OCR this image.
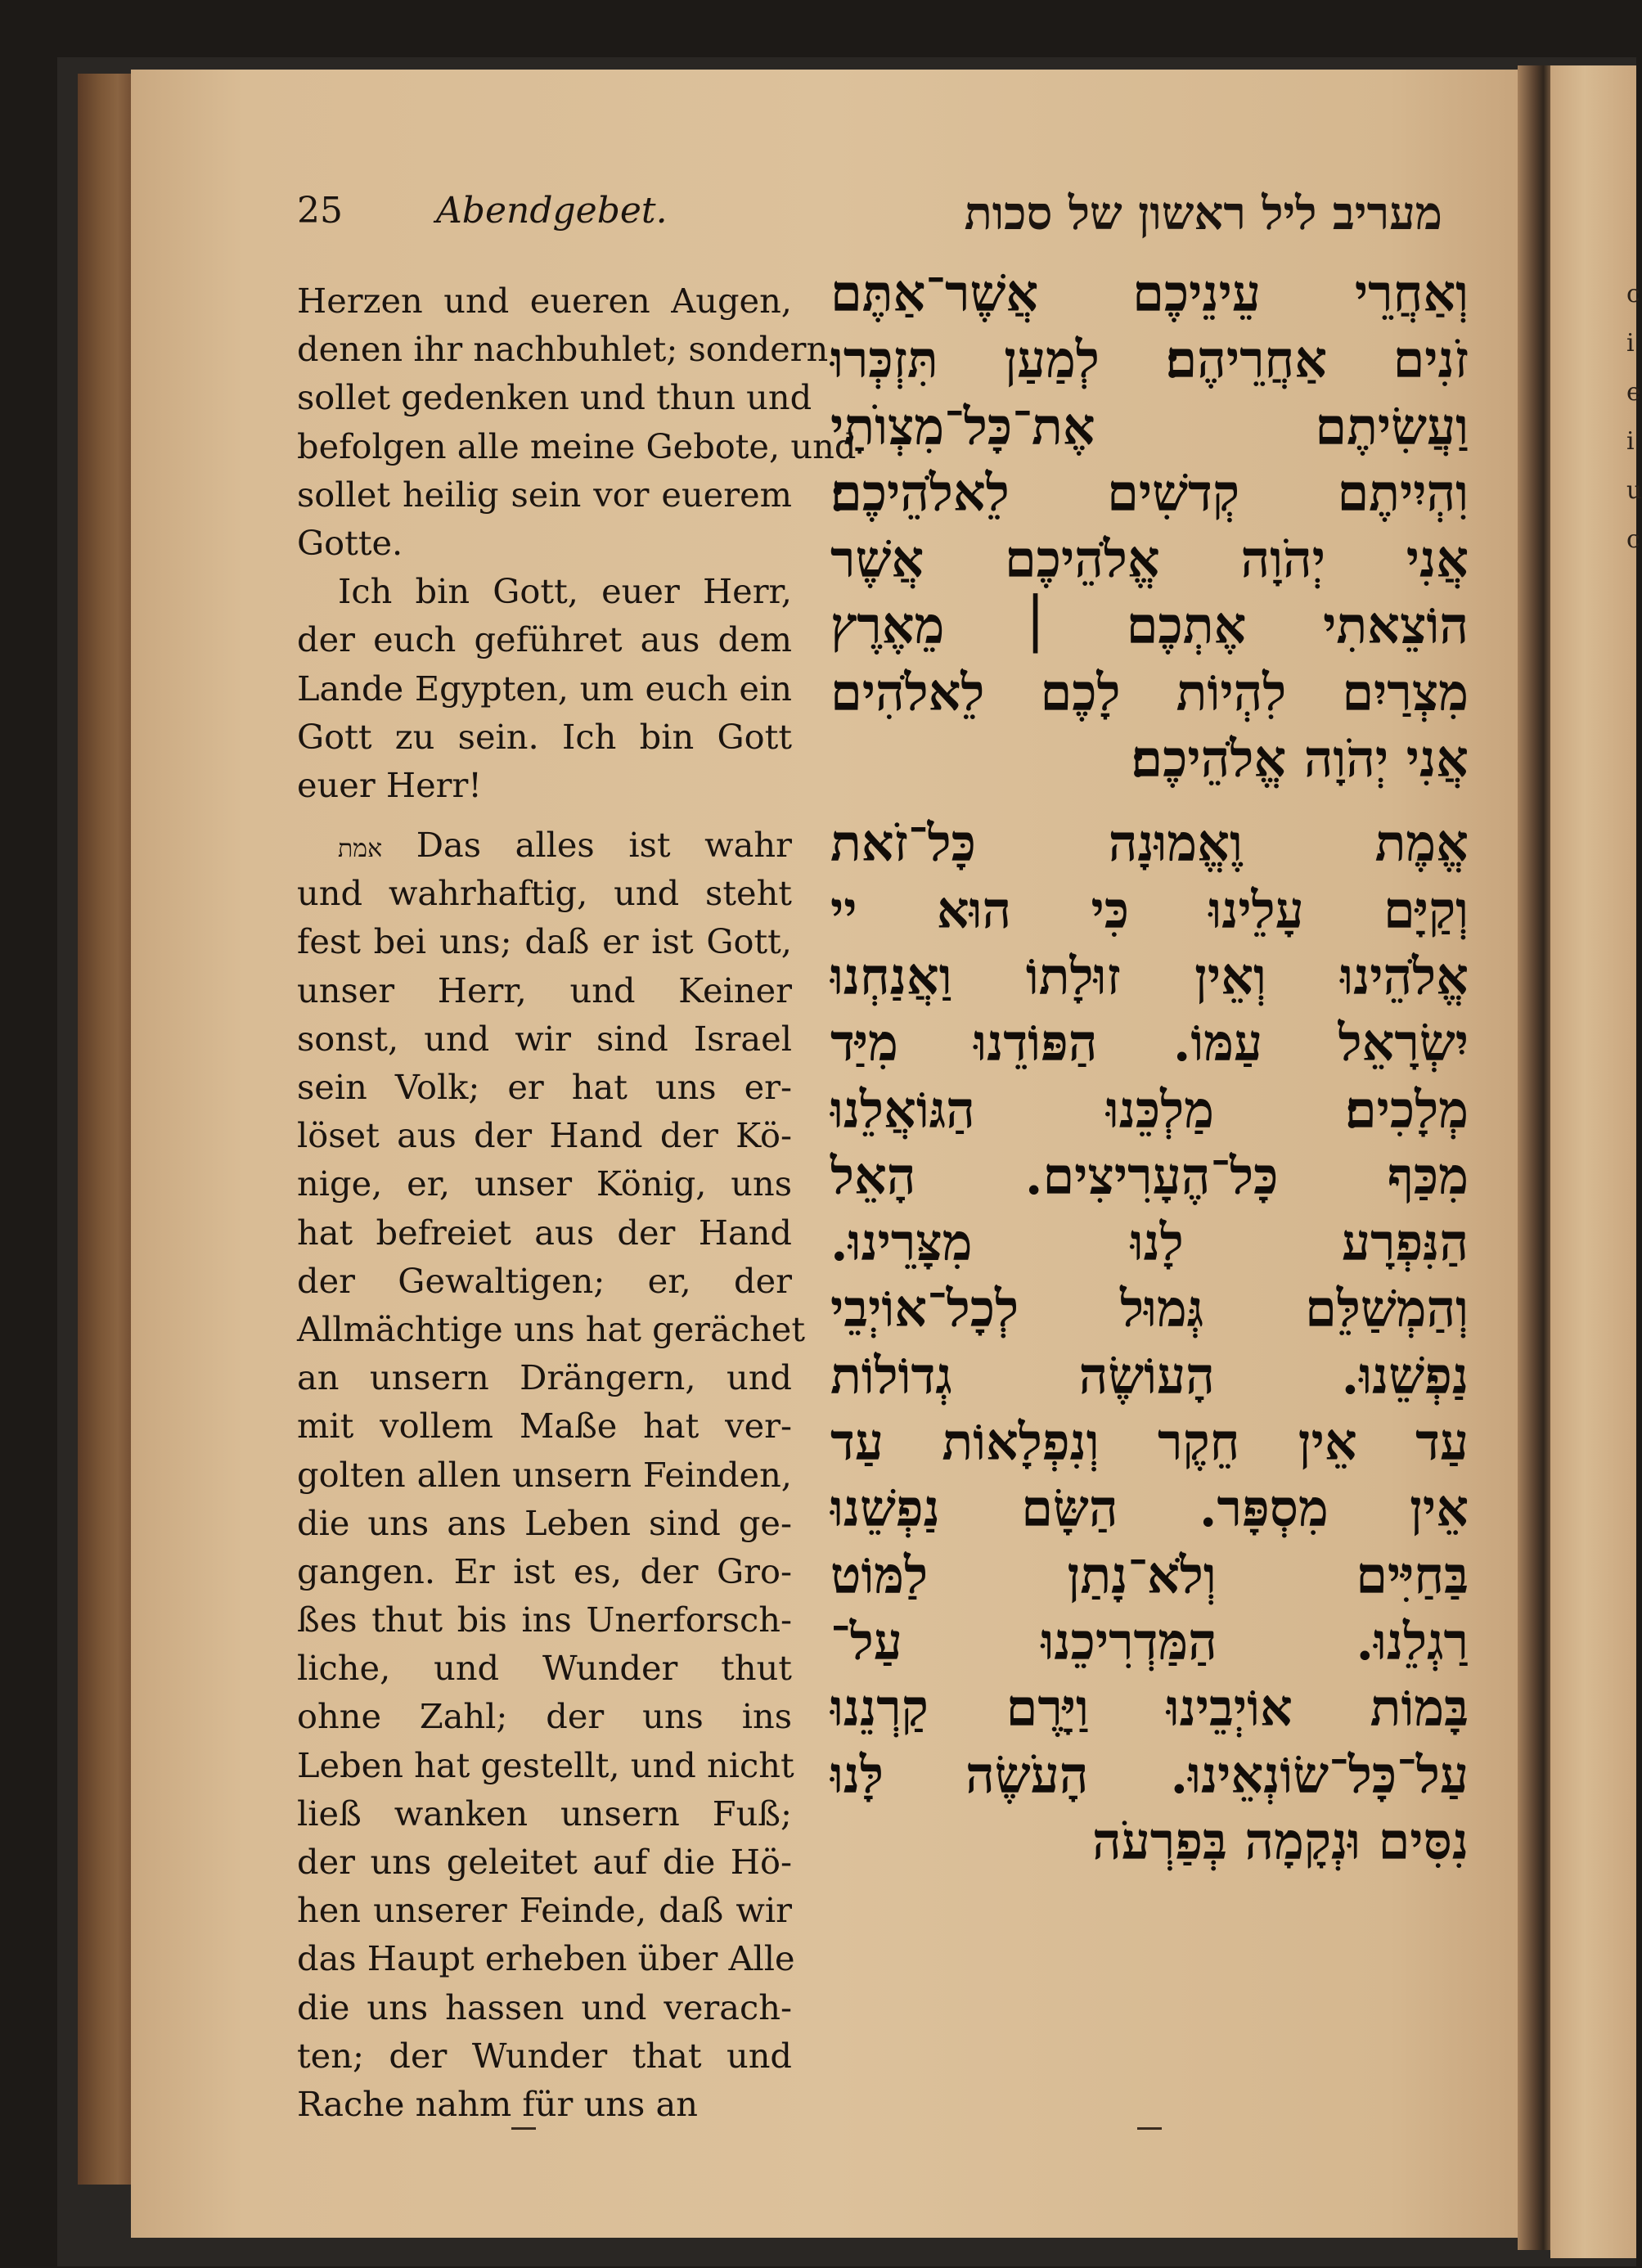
c
i
e
i
u
c
25	Abendgebet.	מעריב ליל ראשון של סכות
Herzen und eueren Augen,
denen ihr nachbuhlet; sondern
sollet gedenken und thun und
befolgen alle meine Gebote, und
sollet heilig sein vor euerem
Gotte.
Ich bin Gott, euer Herr,
der euch geführet aus dem
Lande Egypten, um euch ein
Gott zu sein. Ich bin Gott
euer Herr!
אמת Das alles ist wahr
und wahrhaftig, und steht
fest bei uns; daß er ist Gott,
unser Herr, und Keiner
sonst, und wir sind Israel
sein Volk; er hat uns er-
löset aus der Hand der Kö-
nige, er, unser König, uns
hat befreiet aus der Hand
der Gewaltigen; er, der
Allmächtige uns hat gerächet
an unsern Drängern, und
mit vollem Maße hat ver-
golten allen unsern Feinden,
die uns ans Leben sind ge-
gangen. Er ist es, der Gro-
ßes thut bis ins Unerforsch-
liche, und Wunder thut
ohne Zahl; der uns ins
Leben hat gestellt, und nicht
ließ wanken unsern Fuß;
der uns geleitet auf die Hö-
hen unserer Feinde, daß wir
das Haupt erheben über Alle
die uns hassen und verach-
ten; der Wunder that und
Rache nahm für uns an
וְאַחֲרֵי עֵינֵיכֶם אֲשֶׁר־אַתֶּם
זֹנִים אַחֲרֵיהֶם׃ לְמַעַן תִּזְכְּרוּ
וַעֲשִׂיתֶם אֶת־כָּל־מִצְוֺתָי
וִהְיִיתֶם קְדשִׁים לֵאלֹהֵיכֶם׃
אֲנִי יְהֹוָה אֱלֹהֵיכֶם אֲשֶׁר
הוֹצֵאתִי אֶתְכֶם ׀ מֵאֶרֶץ
מִצְרַיִם לִהְיוֹת לָכֶם לֵאלֹהִים
אֲנִי יְהֹוָה אֱלֹהֵיכֶם׃
אֱמֶת וֶאֱמוּנָה כָּל־זֹאת
וְקַיָּם עָלֵינוּ כִּי הוּא יי
אֱלֹהֵינוּ וְאֵין זוּלָתוֹ וַאֲנַחְנוּ
יִשְׂרָאֵל עַמּוֹ. הַפּוֹדֵנוּ מִיַּד
מְלָכִים׃ מַלְכֵּנוּ הַגּוֹאֲלֵנוּ
מִכַּף כָּל־הֶעָרִיצִים. הָאֵל
הַנִּפְרָע לָנוּ מִצָּרֵינוּ.
וְהַמְשַׁלֵּם גְּמוּל לְכָל־אוֹיְבֵי
נַפְשֵׁנוּ. הָעוֹשֶׂה גְדוֹלוֹת
עַד אֵין חֵקֶר וְנִפְלָאוֹת עַד
אֵין מִסְפָּר. הַשָּׂם נַפְשֵׁנוּ
בַּחַיִּים וְלֹא־נָתַן לַמּוֹט
רַגְלֵנוּ. הַמַּדְרִיכֵנוּ עַל־
בָּמוֹת אוֹיְבֵינוּ וַיָּרֶם קַרְנֵנוּ
עַל־כָּל־שׂוֹנְאֵינוּ. הָעֹשֶׂה לָּנוּ
נִסִּים וּנְקָמָה בְּפַרְעֹה
